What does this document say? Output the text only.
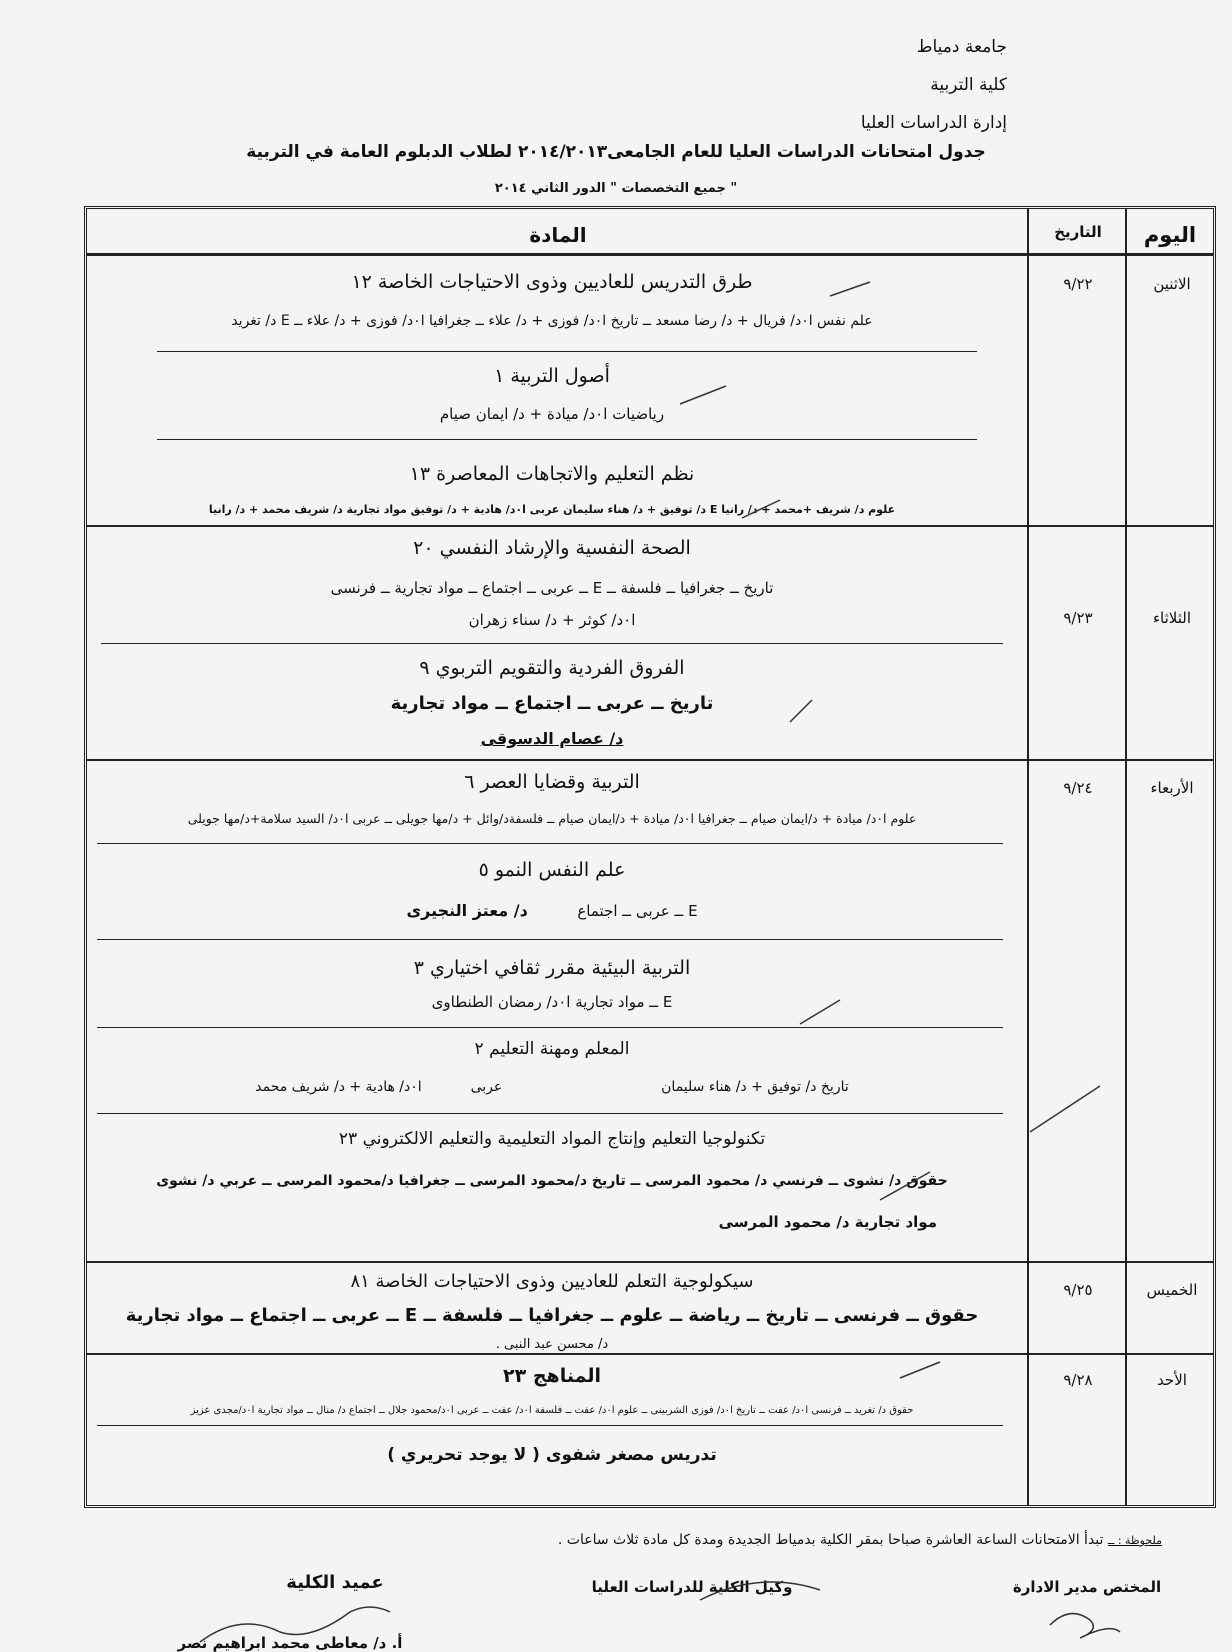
جامعة دمياط
كلية التربية
إدارة الدراسات العليا
جدول امتحانات الدراسات العليا للعام الجامعى٢٠١٤/٢٠١٣ لطلاب الدبلوم العامة في التربية
" جميع التخصصات " الدور الثاني ٢٠١٤
اليوم
التاريخ
المادة
الاثنين
٩/٢٢
طرق التدريس للعاديين وذوى الاحتياجات الخاصة ١٢
علم نفس ا٠د/ فريال + د/ رضا مسعد ــ تاريخ ا٠د/ فوزى + د/ علاء ــ جغرافيا ا٠د/ فوزى + د/ علاء ــ E د/ تغريد
أصول التربية ١
رياضيات ا٠د/ ميادة + د/ ايمان صيام
نظم التعليم والاتجاهات المعاصرة ١٣
علوم د/ شريف +محمد + د/ رانيا E د/ توفيق + د/ هناء سليمان عربى ا٠د/ هادية + د/ توفيق مواد تجارية د/ شريف محمد + د/ رانيا
الثلاثاء
٩/٢٣
الصحة النفسية والإرشاد النفسي ٢٠
تاريخ ــ جغرافيا ــ فلسفة ــ E ــ عربى ــ اجتماع ــ مواد تجارية ــ فرنسى
ا٠د/ كوثر + د/ سناء زهران
الفروق الفردية والتقويم التربوي ٩
تاريخ ــ عربى ــ اجتماع ــ مواد تجارية
د/ عصام الدسوقى
الأربعاء
٩/٢٤
التربية وقضايا العصر ٦
علوم ا٠د/ ميادة + د/ايمان صيام ــ جغرافيا ا٠د/ ميادة + د/ايمان صيام ــ فلسفةد/وائل + د/مها جويلى ــ عربى ا٠د/ السيد سلامة+د/مها جويلى
علم النفس النمو ٥
E ــ عربى ــ اجتماع  د/ معتز النجيرى
التربية البيئية مقرر ثقافي اختياري ٣
E ــ مواد تجارية ا٠د/ رمضان الطنطاوى
المعلم ومهنة التعليم ٢
تاريخ د/ توفيق + د/ هناء سليمان  عربى  ا٠د/ هادية + د/ شريف محمد
تكنولوجيا التعليم وإنتاج المواد التعليمية والتعليم الالكتروني ٢٣
حقوق د/ نشوى ــ فرنسي د/ محمود المرسى ــ تاريخ د/محمود المرسى ــ جغرافيا د/محمود المرسى ــ عربي د/ نشوى
مواد تجارية د/ محمود المرسى
الخميس
٩/٢٥
سيكولوجية التعلم للعاديين وذوى الاحتياجات الخاصة ٨١
حقوق ــ فرنسى ــ تاريخ ــ رياضة ــ علوم ــ جغرافيا ــ فلسفة ــ E ــ عربى ــ اجتماع ــ مواد تجارية
د/ محسن عبد النبى .
الأحد
٩/٢٨
المناهج ٢٣
حقوق د/ تغريد ــ فرنسى ا٠د/ عفت ــ تاريخ ا٠د/ فوزى الشربينى ــ علوم ا٠د/ عفت ــ فلسفة ا٠د/ عفت ــ عربى ا٠د/محمود جلال ــ اجتماع د/ منال ــ مواد تجارية ا٠د/مجدى عزيز
تدريس مصغر شفوى ( لا يوجد تحريري )
ملحوظة : ــ تبدأ الامتحانات الساعة العاشرة صباحا بمقر الكلية بدمياط الجديدة ومدة كل مادة ثلاث ساعات .
المختص مدير الادارة
وكيل الكلية للدراسات العليا
عميد الكلية
أ. د/ معاطى محمد ابراهيم نصر
